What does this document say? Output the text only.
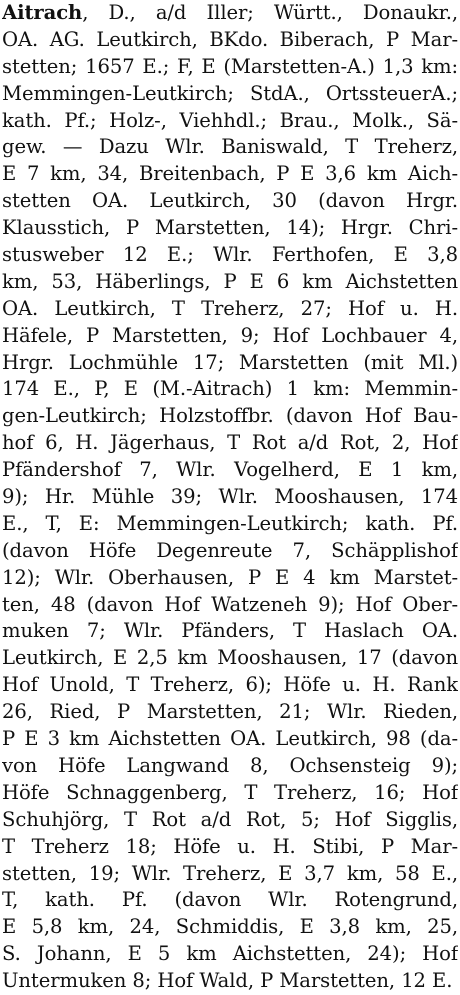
Aitrach, D., a/d Iller; Württ., Donaukr.,
OA. AG. Leutkirch, BKdo. Biberach, P Mar-
stetten; 1657 E.; F, E (Marstetten-A.) 1,3 km:
Memmingen-Leutkirch; StdA., OrtssteuerA.;
kath. Pf.; Holz-, Viehhdl.; Brau., Molk., Sä-
gew. — Dazu Wlr. Baniswald, T Treherz,
E 7 km, 34, Breitenbach, P E 3,6 km Aich-
stetten OA. Leutkirch, 30 (davon Hrgr.
Klausstich, P Marstetten, 14); Hrgr. Chri-
stusweber 12 E.; Wlr. Ferthofen, E 3,8
km, 53, Häberlings, P E 6 km Aichstetten
OA. Leutkirch, T Treherz, 27; Hof u. H.
Häfele, P Marstetten, 9; Hof Lochbauer 4,
Hrgr. Lochmühle 17; Marstetten (mit Ml.)
174 E., P, E (M.-Aitrach) 1 km: Memmin-
gen-Leutkirch; Holzstoffbr. (davon Hof Bau-
hof 6, H. Jägerhaus, T Rot a/d Rot, 2, Hof
Pfändershof 7, Wlr. Vogelherd, E 1 km,
9); Hr. Mühle 39; Wlr. Mooshausen, 174
E., T, E: Memmingen-Leutkirch; kath. Pf.
(davon Höfe Degenreute 7, Schäpplishof
12); Wlr. Oberhausen, P E 4 km Marstet-
ten, 48 (davon Hof Watzeneh 9); Hof Ober-
muken 7; Wlr. Pfänders, T Haslach OA.
Leutkirch, E 2,5 km Mooshausen, 17 (davon
Hof Unold, T Treherz, 6); Höfe u. H. Rank
26, Ried, P Marstetten, 21; Wlr. Rieden,
P E 3 km Aichstetten OA. Leutkirch, 98 (da-
von Höfe Langwand 8, Ochsensteig 9);
Höfe Schnaggenberg, T Treherz, 16; Hof
Schuhjörg, T Rot a/d Rot, 5; Hof Sigglis,
T Treherz 18; Höfe u. H. Stibi, P Mar-
stetten, 19; Wlr. Treherz, E 3,7 km, 58 E.,
T, kath. Pf. (davon Wlr. Rotengrund,
E 5,8 km, 24, Schmiddis, E 3,8 km, 25,
S. Johann, E 5 km Aichstetten, 24); Hof
Untermuken 8; Hof Wald, P Marstetten, 12 E.
